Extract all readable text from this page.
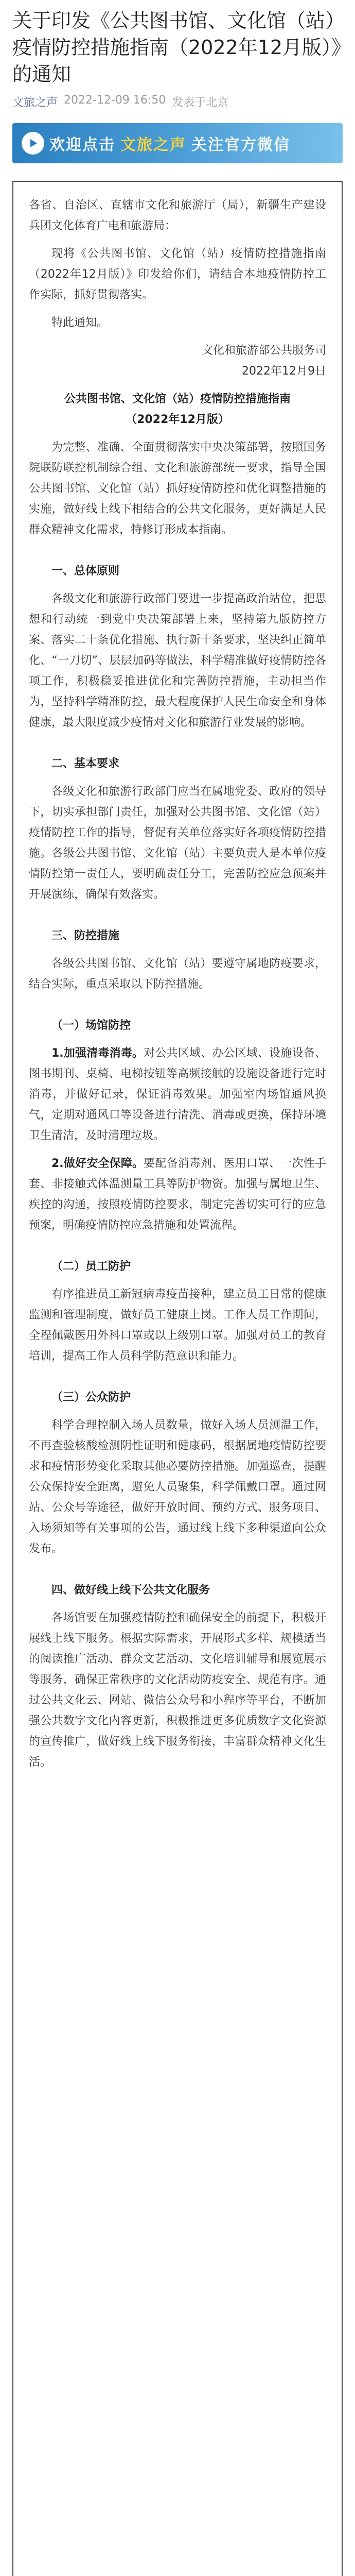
关于印发《公共图书馆、文化馆（站）疫情防控措施指南（2022年12月版）》的通知
文旅之声 2022-12-09 16:50 发表于北京
欢迎点击 文旅之声 关注官方微信

各省、自治区、直辖市文化和旅游厅（局），新疆生产建设兵团文化体育广电和旅游局：

现将《公共图书馆、文化馆（站）疫情防控措施指南（2022年12月版）》印发给你们，请结合本地疫情防控工作实际，抓好贯彻落实。

特此通知。

文化和旅游部公共服务司

2022年12月9日

公共图书馆、文化馆（站）疫情防控措施指南

（2022年12月版）

为完整、准确、全面贯彻落实中央决策部署，按照国务院联防联控机制综合组、文化和旅游部统一要求，指导全国公共图书馆、文化馆（站）抓好疫情防控和优化调整措施的实施，做好线上线下相结合的公共文化服务，更好满足人民群众精神文化需求，特修订形成本指南。

一、总体原则

各级文化和旅游行政部门要进一步提高政治站位，把思想和行动统一到党中央决策部署上来，坚持第九版防控方案、落实二十条优化措施、执行新十条要求，坚决纠正简单化、“一刀切”、层层加码等做法，科学精准做好疫情防控各项工作，积极稳妥推进优化和完善防控措施，主动担当作为，坚持科学精准防控，最大程度保护人民生命安全和身体健康，最大限度减少疫情对文化和旅游行业发展的影响。

二、基本要求

各级文化和旅游行政部门应当在属地党委、政府的领导下，切实承担部门责任，加强对公共图书馆、文化馆（站）疫情防控工作的指导，督促有关单位落实好各项疫情防控措施。各级公共图书馆、文化馆（站）主要负责人是本单位疫情防控第一责任人，要明确责任分工，完善防控应急预案并开展演练，确保有效落实。

三、防控措施

各级公共图书馆、文化馆（站）要遵守属地防疫要求，结合实际，重点采取以下防控措施。

（一）场馆防控

1.加强清毒消毒。对公共区域、办公区域、设施设备、图书期刊、桌椅、电梯按钮等高频接触的设施设备进行定时消毒，并做好记录，保证消毒效果。加强室内场馆通风换气，定期对通风口等设备进行清洗、消毒或更换，保持环境卫生清洁，及时清理垃圾。

2.做好安全保障。要配备消毒剂、医用口罩、一次性手套、非接触式体温测量工具等防护物资。加强与属地卫生、疾控的沟通，按照疫情防控要求，制定完善切实可行的应急预案，明确疫情防控应急措施和处置流程。

（二）员工防护

有序推进员工新冠病毒疫苗接种，建立员工日常的健康监测和管理制度，做好员工健康上岗。工作人员工作期间，全程佩戴医用外科口罩或以上级别口罩。加强对员工的教育培训，提高工作人员科学防范意识和能力。

（三）公众防护

科学合理控制入场人员数量，做好入场人员测温工作，不再查验核酸检测阴性证明和健康码，根据属地疫情防控要求和疫情形势变化采取其他必要防控措施。加强巡查，提醒公众保持安全距离，避免人员聚集，科学佩戴口罩。通过网站、公众号等途径，做好开放时间、预约方式、服务项目、入场须知等有关事项的公告，通过线上线下多种渠道向公众发布。

四、做好线上线下公共文化服务

各场馆要在加强疫情防控和确保安全的前提下，积极开展线上线下服务。根据实际需求，开展形式多样、规模适当的阅读推广活动、群众文艺活动、文化培训辅导和展览展示等服务，确保正常秩序的文化活动防疫安全、规范有序。通过公共文化云、网站、微信公众号和小程序等平台，不断加强公共数字文化内容更新，积极推进更多优质数字文化资源的宣传推广，做好线上线下服务衔接，丰富群众精神文化生活。
